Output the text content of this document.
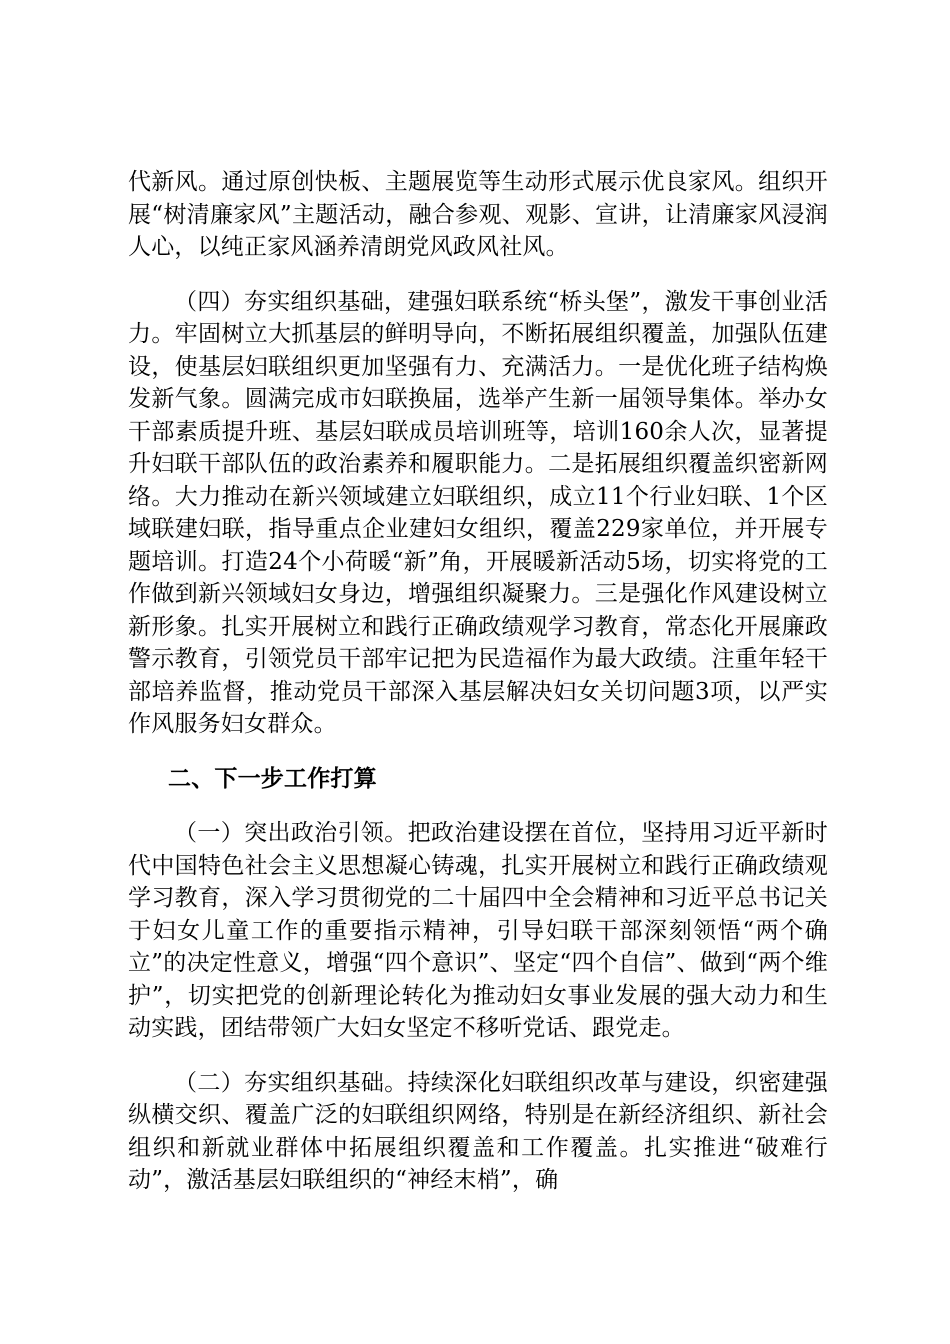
代新风。通过原创快板、主题展览等生动形式展示优良家风。组织开展“树清廉家风”主题活动，融合参观、观影、宣讲，让清廉家风浸润人心，以纯正家风涵养清朗党风政风社风。

（四）夯实组织基础，建强妇联系统“桥头堡”，激发干事创业活力。牢固树立大抓基层的鲜明导向，不断拓展组织覆盖，加强队伍建设，使基层妇联组织更加坚强有力、充满活力。一是优化班子结构焕发新气象。圆满完成市妇联换届，选举产生新一届领导集体。举办女干部素质提升班、基层妇联成员培训班等，培训160余人次，显著提升妇联干部队伍的政治素养和履职能力。二是拓展组织覆盖织密新网络。大力推动在新兴领域建立妇联组织，成立11个行业妇联、1个区域联建妇联，指导重点企业建妇女组织，覆盖229家单位，并开展专题培训。打造24个小荷暖“新”角，开展暖新活动5场，切实将党的工作做到新兴领域妇女身边，增强组织凝聚力。三是强化作风建设树立新形象。扎实开展树立和践行正确政绩观学习教育，常态化开展廉政警示教育，引领党员干部牢记把为民造福作为最大政绩。注重年轻干部培养监督，推动党员干部深入基层解决妇女关切问题3项，以严实作风服务妇女群众。

二、下一步工作打算

（一）突出政治引领。把政治建设摆在首位，坚持用习近平新时代中国特色社会主义思想凝心铸魂，扎实开展树立和践行正确政绩观学习教育，深入学习贯彻党的二十届四中全会精神和习近平总书记关于妇女儿童工作的重要指示精神，引导妇联干部深刻领悟“两个确立”的决定性意义，增强“四个意识”、坚定“四个自信”、做到“两个维护”，切实把党的创新理论转化为推动妇女事业发展的强大动力和生动实践，团结带领广大妇女坚定不移听党话、跟党走。

（二）夯实组织基础。持续深化妇联组织改革与建设，织密建强纵横交织、覆盖广泛的妇联组织网络，特别是在新经济组织、新社会组织和新就业群体中拓展组织覆盖和工作覆盖。扎实推进“破难行动”，激活基层妇联组织的“神经末梢”，确
